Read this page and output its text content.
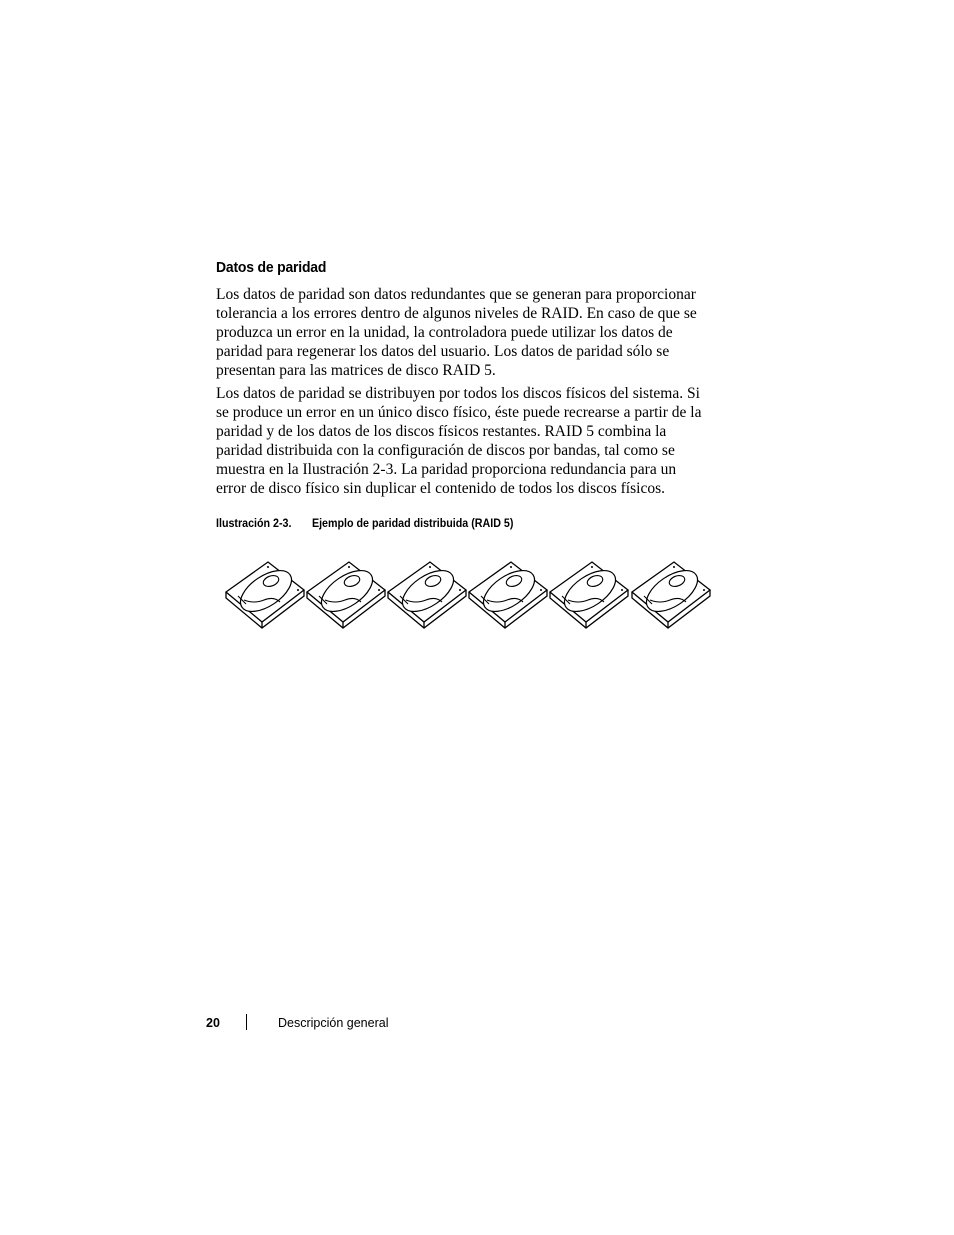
Datos de paridad

Los datos de paridad son datos redundantes que se generan para proporcionar
tolerancia a los errores dentro de algunos niveles de RAID. En caso de que se
produzca un error en la unidad, la controladora puede utilizar los datos de
paridad para regenerar los datos del usuario. Los datos de paridad sólo se
presentan para las matrices de disco RAID 5.

Los datos de paridad se distribuyen por todos los discos físicos del sistema. Si
se produce un error en un único disco físico, éste puede recrearse a partir de la
paridad y de los datos de los discos físicos restantes. RAID 5 combina la
paridad distribuida con la configuración de discos por bandas, tal como se
muestra en la Ilustración 2-3. La paridad proporciona redundancia para un
error de disco físico sin duplicar el contenido de todos los discos físicos.

Ilustración 2-3. Ejemplo de paridad distribuida (RAID 5)
20	Descripción general
